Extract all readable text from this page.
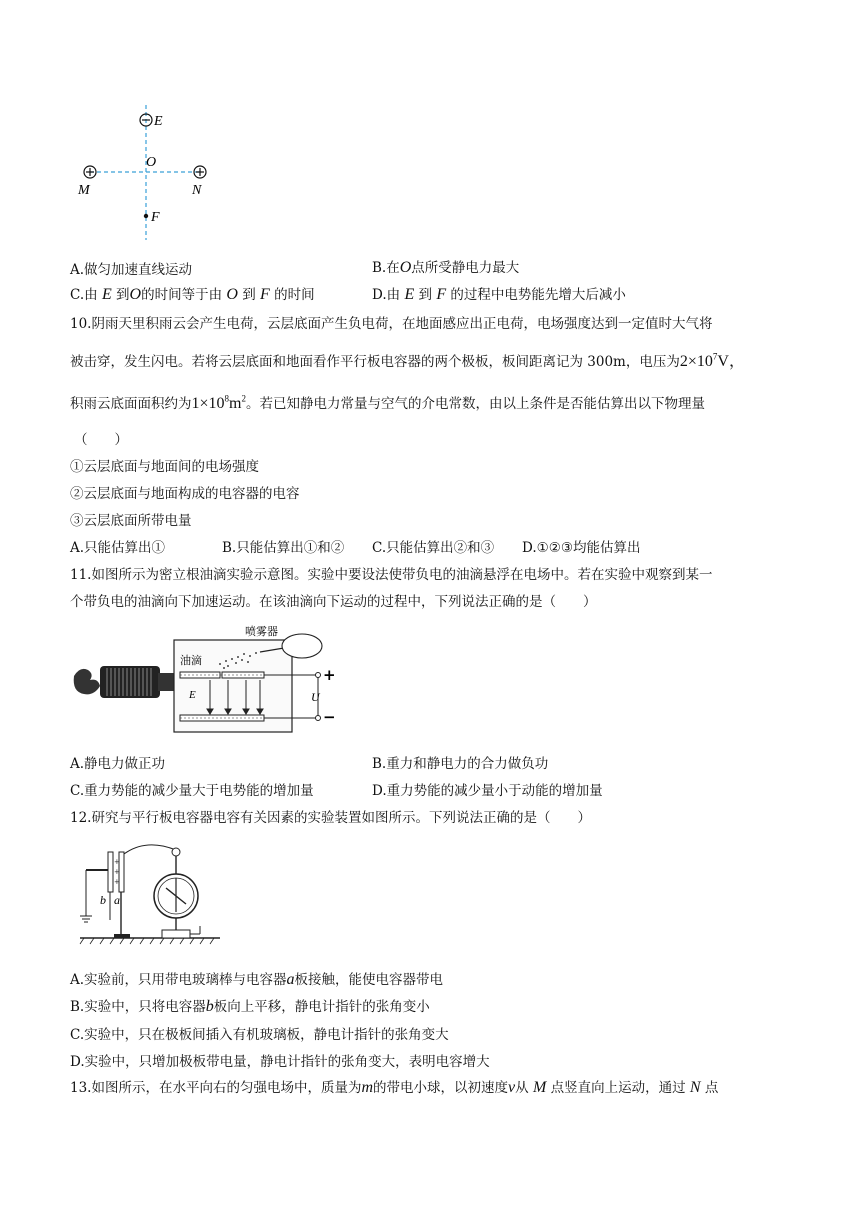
E
O
M	N
F
A.做匀加速直线运动	B.在O点所受静电力最大
C.由 E 到O的时间等于由 O 到 F 的时间	D.由 E 到 F 的过程中电势能先增大后减小
10.阴雨天里积雨云会产生电荷，云层底面产生负电荷，在地面感应出正电荷，电场强度达到一定值时大气将
被击穿，发生闪电。若将云层底面和地面看作平行板电容器的两个极板，板间距离记为 300m，电压为$2\times 10^7V$，
积雨云底面面积约为$1\times 10^8m^2$。若已知静电力常量与空气的介电常数，由以上条件是否能估算出以下物理量
（　　）
①云层底面与地面间的电场强度
②云层底面与地面构成的电容器的电容
③云层底面所带电量
A.只能估算出①	B.只能估算出①和② C.只能估算出②和③ D.①②③均能估算出
11.如图所示为密立根油滴实验示意图。实验中要设法使带负电的油滴悬浮在电场中。若在实验中观察到某一
个带负电的油滴向下加速运动。在该油滴向下运动的过程中，下列说法正确的是（　　）
喷雾器
油滴
E	U
+
−
A.静电力做正功	B.重力和静电力的合力做负功
C.重力势能的减少量大于电势能的增加量	D.重力势能的减少量小于动能的增加量
12.研究与平行板电容器电容有关因素的实验装置如图所示。下列说法正确的是（　　）
+
+
+
b a
A.实验前，只用带电玻璃棒与电容器a板接触，能使电容器带电
B.实验中，只将电容器b板向上平移，静电计指针的张角变小
C.实验中，只在极板间插入有机玻璃板，静电计指针的张角变大
D.实验中，只增加极板带电量，静电计指针的张角变大，表明电容增大
13.如图所示，在水平向右的匀强电场中，质量为m的带电小球，以初速度v从 M 点竖直向上运动，通过 N 点
